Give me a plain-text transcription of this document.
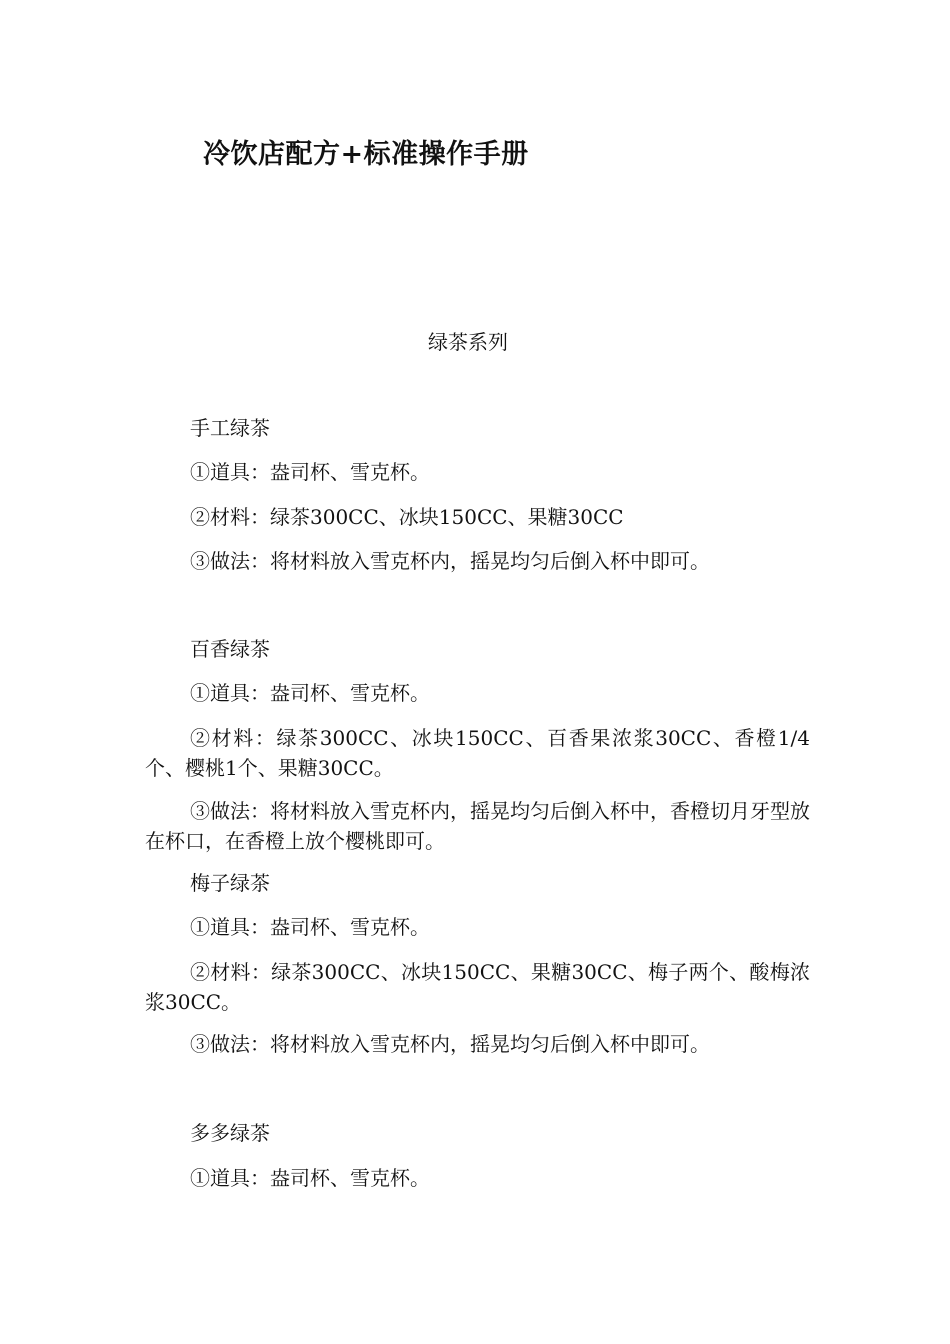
冷饮店配方+标准操作手册
绿茶系列

手工绿茶

①道具：盎司杯、雪克杯。

②材料：绿茶300CC、冰块150CC、果糖30CC

③做法：将材料放入雪克杯内，摇晃均匀后倒入杯中即可。

百香绿茶

①道具：盎司杯、雪克杯。

②材料：绿茶300CC、冰块150CC、百香果浓浆30CC、香橙1/4个、樱桃1个、果糖30CC。

③做法：将材料放入雪克杯内，摇晃均匀后倒入杯中，香橙切月牙型放在杯口，在香橙上放个樱桃即可。

梅子绿茶

①道具：盎司杯、雪克杯。

②材料：绿茶300CC、冰块150CC、果糖30CC、梅子两个、酸梅浓浆30CC。

③做法：将材料放入雪克杯内，摇晃均匀后倒入杯中即可。

多多绿茶

①道具：盎司杯、雪克杯。
